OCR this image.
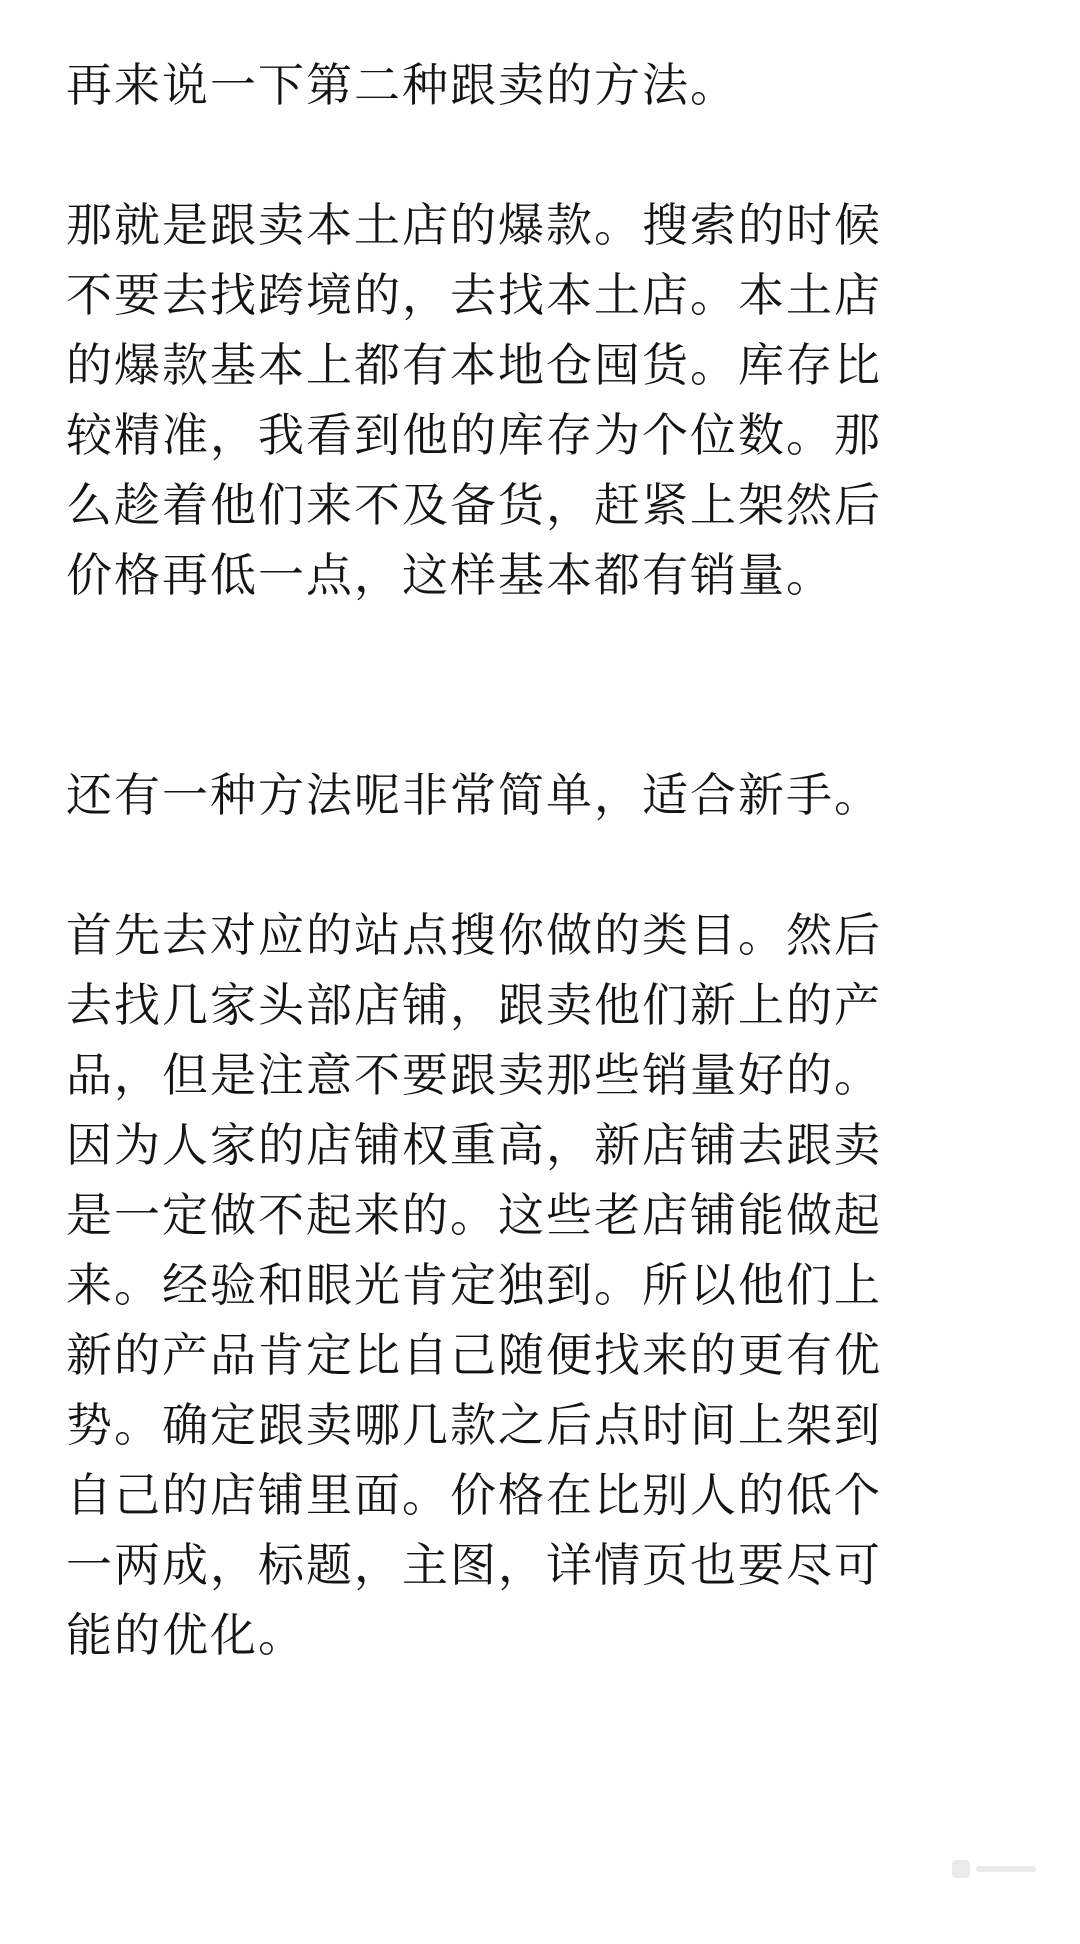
再来说一下第二种跟卖的方法。
那就是跟卖本土店的爆款。搜索的时候
不要去找跨境的，去找本土店。本土店
的爆款基本上都有本地仓囤货。库存比
较精准，我看到他的库存为个位数。那
么趁着他们来不及备货，赶紧上架然后
价格再低一点，这样基本都有销量。
还有一种方法呢非常简单，适合新手。
首先去对应的站点搜你做的类目。然后
去找几家头部店铺，跟卖他们新上的产
品，但是注意不要跟卖那些销量好的。
因为人家的店铺权重高，新店铺去跟卖
是一定做不起来的。这些老店铺能做起
来。经验和眼光肯定独到。所以他们上
新的产品肯定比自己随便找来的更有优
势。确定跟卖哪几款之后点时间上架到
自己的店铺里面。价格在比别人的低个
一两成，标题，主图，详情页也要尽可
能的优化。
